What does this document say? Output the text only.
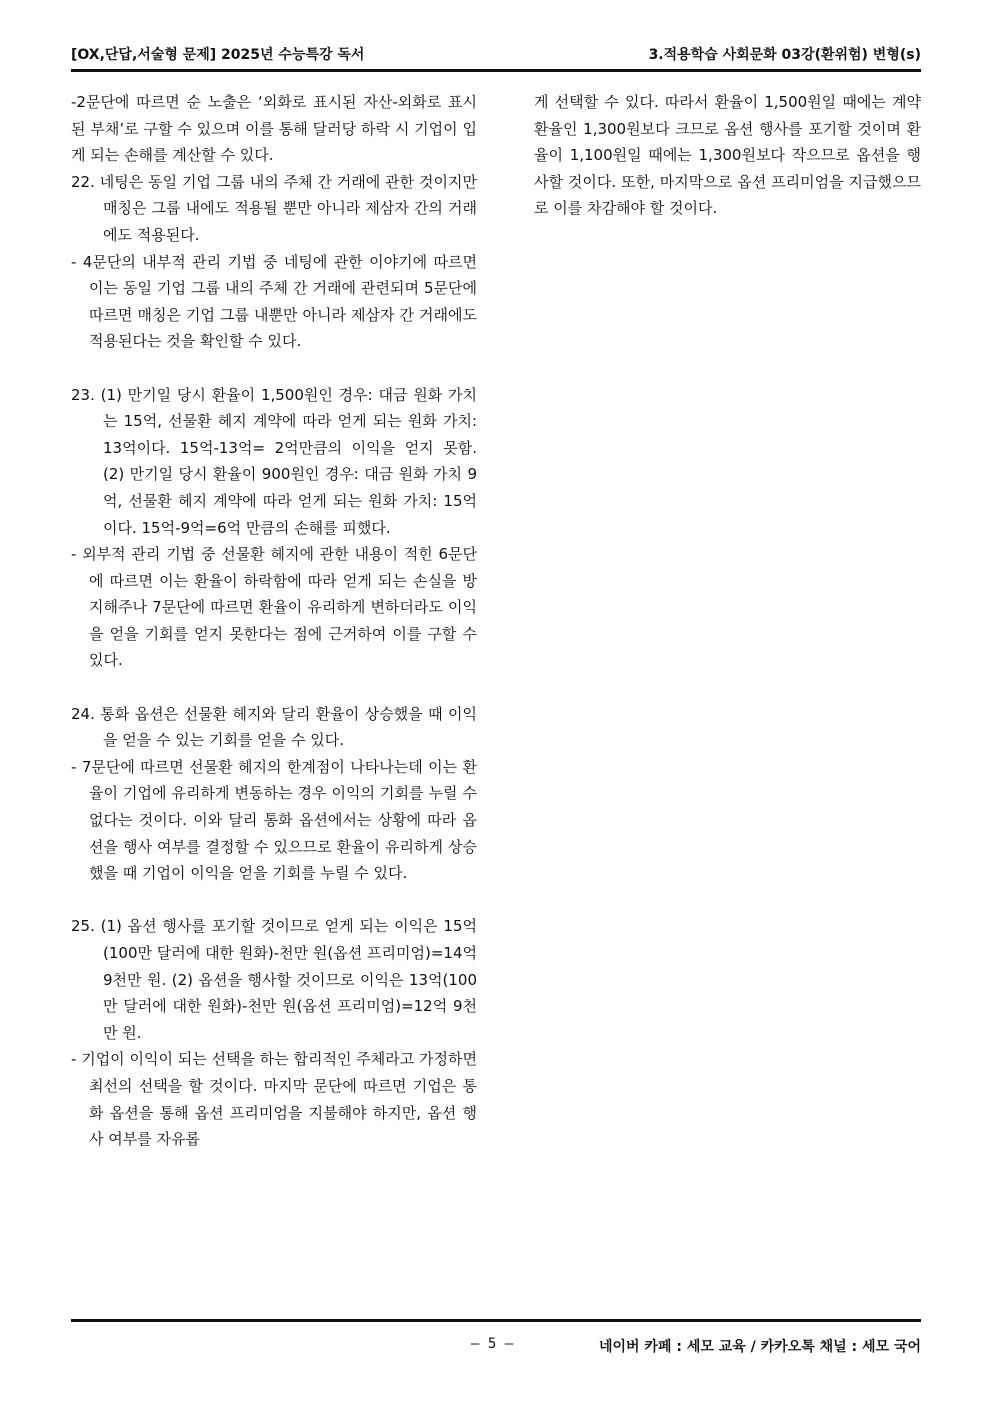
[OX,단답,서술형 문제] 2025년 수능특강 독서	3.적용학습 사회문화 03강(환위험) 변형(s)

-2문단에 따르면 순 노출은 ‘외화로 표시된 자산-외화로 표시된 부채’로 구할 수 있으며 이를 통해 달러당 하락 시 기업이 입게 되는 손해를 계산할 수 있다.

22. 네팅은 동일 기업 그룹 내의 주체 간 거래에 관한 것이지만 매칭은 그룹 내에도 적용될 뿐만 아니라 제삼자 간의 거래에도 적용된다.

- 4문단의 내부적 관리 기법 중 네팅에 관한 이야기에 따르면 이는 동일 기업 그룹 내의 주체 간 거래에 관련되며 5문단에 따르면 매칭은 기업 그룹 내뿐만 아니라 제삼자 간 거래에도 적용된다는 것을 확인할 수 있다.

23. (1) 만기일 당시 환율이 1,500원인 경우: 대금 원화 가치는 15억, 선물환 헤지 계약에 따라 얻게 되는 원화 가치: 13억이다. 15억-13억= 2억만큼의 이익을 얻지 못함. (2) 만기일 당시 환율이 900원인 경우: 대금 원화 가치 9억, 선물환 헤지 계약에 따라 얻게 되는 원화 가치: 15억이다. 15억-9억=6억 만큼의 손해를 피했다.

- 외부적 관리 기법 중 선물환 헤지에 관한 내용이 적힌 6문단에 따르면 이는 환율이 하락함에 따라 얻게 되는 손실을 방지해주나 7문단에 따르면 환율이 유리하게 변하더라도 이익을 얻을 기회를 얻지 못한다는 점에 근거하여 이를 구할 수 있다.

24. 통화 옵션은 선물환 헤지와 달리 환율이 상승했을 때 이익을 얻을 수 있는 기회를 얻을 수 있다.

- 7문단에 따르면 선물환 헤지의 한계점이 나타나는데 이는 환율이 기업에 유리하게 변동하는 경우 이익의 기회를 누릴 수 없다는 것이다. 이와 달리 통화 옵션에서는 상황에 따라 옵션을 행사 여부를 결정할 수 있으므로 환율이 유리하게 상승했을 때 기업이 이익을 얻을 기회를 누릴 수 있다.

25. (1) 옵션 행사를 포기할 것이므로 얻게 되는 이익은 15억(100만 달러에 대한 원화)-천만 원(옵션 프리미엄)=14억 9천만 원. (2) 옵션을 행사할 것이므로 이익은 13억(100만 달러에 대한 원화)-천만 원(옵션 프리미엄)=12억 9천만 원.

- 기업이 이익이 되는 선택을 하는 합리적인 주체라고 가정하면 최선의 선택을 할 것이다. 마지막 문단에 따르면 기업은 통화 옵션을 통해 옵션 프리미엄을 지불해야 하지만, 옵션 행사 여부를 자유롭

게 선택할 수 있다. 따라서 환율이 1,500원일 때에는 계약 환율인 1,300원보다 크므로 옵션 행사를 포기할 것이며 환율이 1,100원일 때에는 1,300원보다 작으므로 옵션을 행사할 것이다. 또한, 마지막으로 옵션 프리미엄을 지급했으므로 이를 차감해야 할 것이다.

– 5 –	네이버 카페 : 세모 교육 / 카카오톡 채널 : 세모 국어
